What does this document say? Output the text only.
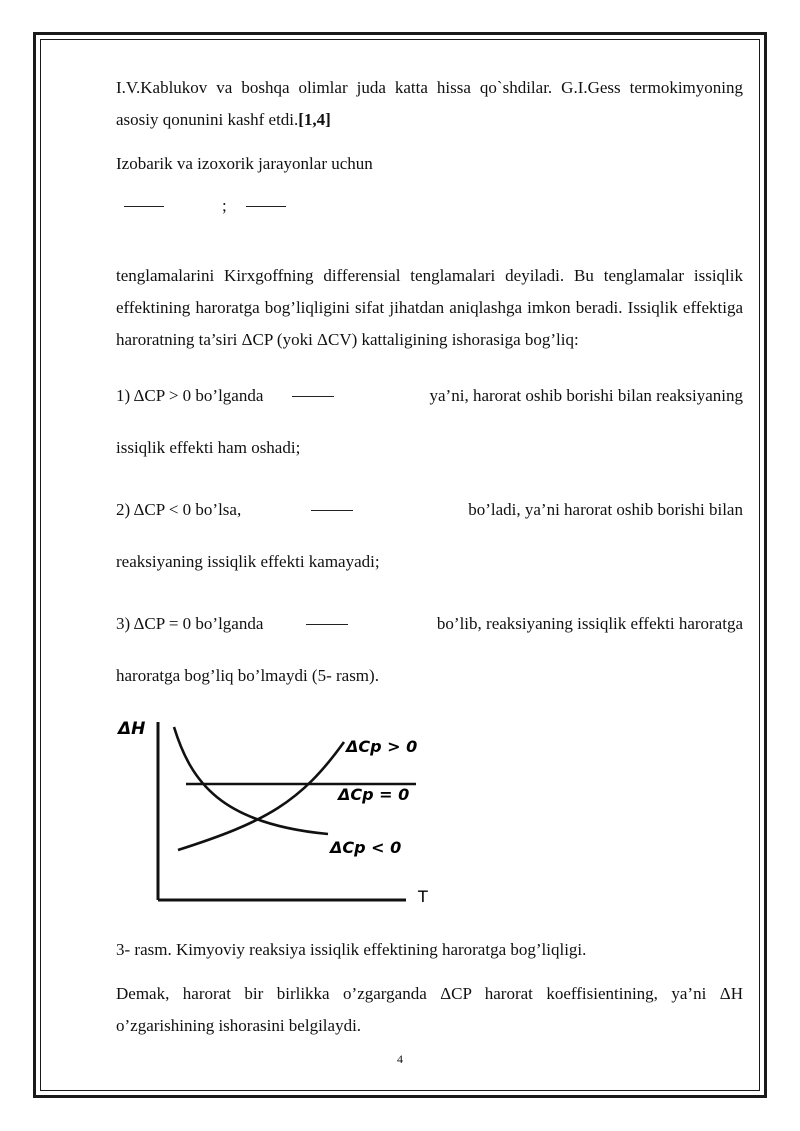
I.V.Kablukov va boshqa olimlar juda katta hissa qo`shdilar. G.I.Gess termokimyoning asosiy qonunini kashf etdi.[1,4]

Izobarik va izoxorik jarayonlar uchun

;

tenglamalarini Kirxgoffning differensial tenglamalari deyiladi. Bu tenglamalar issiqlik effektining haroratga bog’liqligini sifat jihatdan aniqlashga imkon beradi. Issiqlik effektiga haroratning ta’siri ΔCP (yoki ΔCV) kattaligining ishorasiga bog’liq:

1) ΔCP > 0 bo’lganda	ya’ni, harorat oshib borishi bilan reaksiyaning
issiqlik effekti ham oshadi;
2) ΔCP < 0 bo’lsa,	bo’ladi, ya’ni harorat oshib borishi bilan
reaksiyaning issiqlik effekti kamayadi;
3) ΔCP = 0 bo’lganda	bo’lib, reaksiyaning issiqlik effekti haroratga
haroratga bog’liq bo’lmaydi (5- rasm).
ΔH
T
ΔCp > 0
ΔCp = 0
ΔCp < 0

3- rasm. Kimyoviy reaksiya issiqlik effektining haroratga bog’liqligi.

Demak, harorat bir birlikka o’zgarganda ΔCP harorat koeffisientining, ya’ni ΔH o’zgarishining ishorasini belgilaydi.

4
